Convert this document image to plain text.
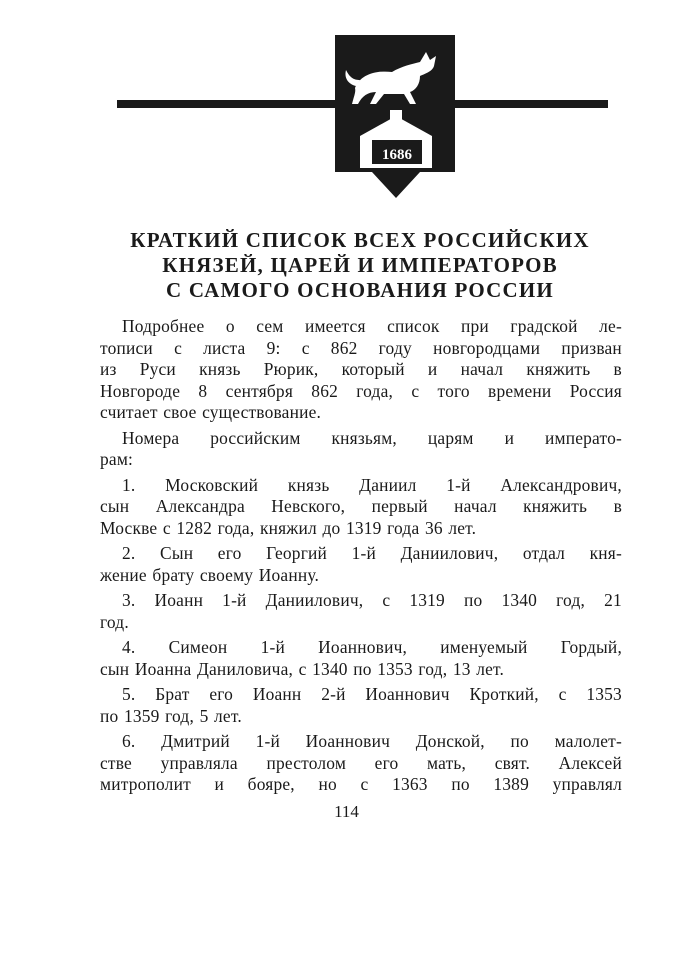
1686
КРАТКИЙ СПИСОК ВСЕХ РОССИЙСКИХ
КНЯЗЕЙ, ЦАРЕЙ И ИМПЕРАТОРОВ
С САМОГО ОСНОВАНИЯ РОССИИ
Подробнее о сем имеется список при градской ле-
тописи с листа 9: с 862 году новгородцами призван
из Руси князь Рюрик, который и начал княжить в
Новгороде 8 сентября 862 года, с того времени Россия
считает свое существование.
Номера российским князьям, царям и императо-
рам:
1. Московский князь Даниил 1-й Александрович,
сын Александра Невского, первый начал княжить в
Москве с 1282 года, княжил до 1319 года 36 лет.
2. Сын его Георгий 1-й Даниилович, отдал кня-
жение брату своему Иоанну.
3. Иоанн 1-й Даниилович, с 1319 по 1340 год, 21
год.
4. Симеон 1-й Иоаннович, именуемый Гордый,
сын Иоанна Даниловича, с 1340 по 1353 год, 13 лет.
5. Брат его Иоанн 2-й Иоаннович Кроткий, с 1353
по 1359 год, 5 лет.
6. Дмитрий 1-й Иоаннович Донской, по малолет-
стве управляла престолом его мать, свят. Алексей
митрополит и бояре, но с 1363 по 1389 управлял
114
